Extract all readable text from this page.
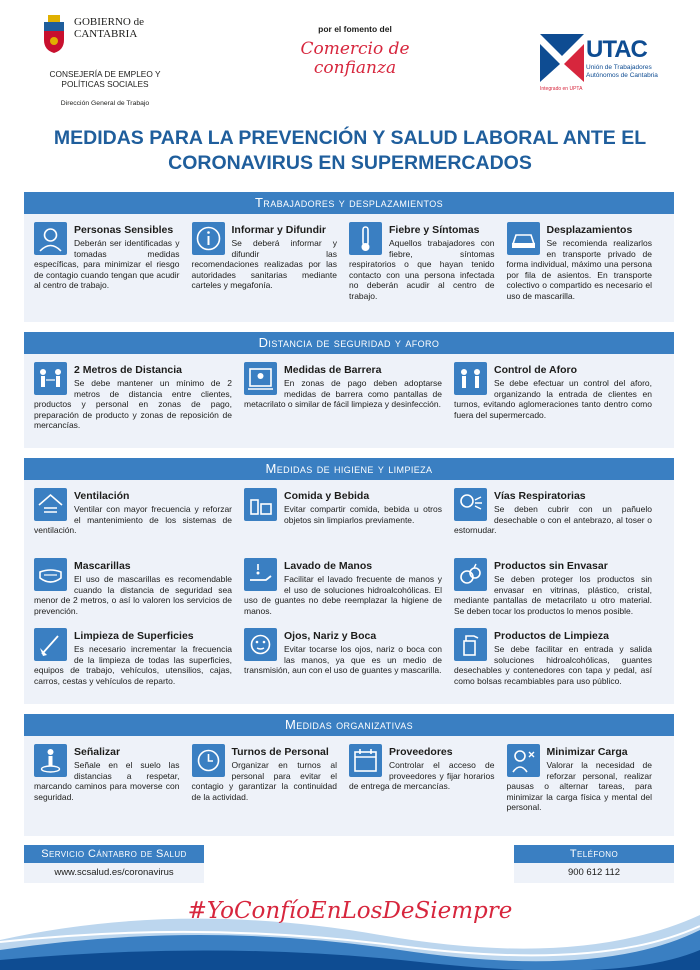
GOBIERNO de CANTABRIA
CONSEJERÍA DE EMPLEO Y POLÍTICAS SOCIALES
Dirección General de Trabajo
por el fomento del
Comercio de confianza
UTAC
Unión de Trabajadores Autónomos de Cantabria
Integrado en UPTA
MEDIDAS PARA LA PREVENCIÓN Y SALUD LABORAL ANTE EL CORONAVIRUS EN SUPERMERCADOS
Trabajadores y desplazamientos
Personas Sensibles
Deberán ser identificadas y tomadas medidas específicas, para minimizar el riesgo de contagio cuando tengan que acudir al centro de trabajo.
Informar y Difundir
Se deberá informar y difundir las recomendaciones realizadas por las autoridades sanitarias mediante carteles y megafonía.
Fiebre y Síntomas
Aquellos trabajadores con fiebre, síntomas respiratorios o que hayan tenido contacto con una persona infectada no deberán acudir al centro de trabajo.
Desplazamientos
Se recomienda realizarlos en transporte privado de forma individual, máximo una persona por fila de asientos. En transporte colectivo o compartido es necesario el uso de mascarilla.
Distancia de seguridad y aforo
2 Metros de Distancia
Se debe mantener un mínimo de 2 metros de distancia entre clientes, productos y personal en zonas de pago, preparación de producto y zonas de reposición de mercancías.
Medidas de Barrera
En zonas de pago deben adoptarse medidas de barrera como pantallas de metacrilato o similar de fácil limpieza y desinfección.
Control de Aforo
Se debe efectuar un control del aforo, organizando la entrada de clientes en turnos, evitando aglomeraciones tanto dentro como fuera del supermercado.
Medidas de higiene y limpieza
Ventilación
Ventilar con mayor frecuencia y reforzar el mantenimiento de los sistemas de ventilación.
Comida y Bebida
Evitar compartir comida, bebida u otros objetos sin limpiarlos previamente.
Vías Respiratorias
Se deben cubrir con un pañuelo desechable o con el antebrazo, al toser o estornudar.
Mascarillas
El uso de mascarillas es recomendable cuando la distancia de seguridad sea menor de 2 metros, o así lo valoren los servicios de prevención.
Lavado de Manos
Facilitar el lavado frecuente de manos y el uso de soluciones hidroalcohólicas. El uso de guantes no debe reemplazar la higiene de manos.
Productos sin Envasar
Se deben proteger los productos sin envasar en vitrinas, plástico, cristal, mediante pantallas de metacrilato u otro material. Se deben tocar los productos lo menos posible.
Limpieza de Superficies
Es necesario incrementar la frecuencia de la limpieza de todas las superficies, equipos de trabajo, vehículos, utensilios, cajas, carros, cestas y vehículos de reparto.
Ojos, Nariz y Boca
Evitar tocarse los ojos, nariz o boca con las manos, ya que es un medio de transmisión, aun con el uso de guantes y mascarilla.
Productos de Limpieza
Se debe facilitar en entrada y salida soluciones hidroalcohólicas, guantes desechables y contenedores con tapa y pedal, así como bolsas recambiables para uso público.
Medidas organizativas
Señalizar
Señale en el suelo las distancias a respetar, marcando caminos para moverse con seguridad.
Turnos de Personal
Organizar en turnos al personal para evitar el contagio y garantizar la continuidad de la actividad.
Proveedores
Controlar el acceso de proveedores y fijar horarios de entrega de mercancías.
Minimizar Carga
Valorar la necesidad de reforzar personal, realizar pausas o alternar tareas, para minimizar la carga física y mental del personal.
Servicio Cántabro de Salud
www.scsalud.es/coronavirus
Teléfono
900 612 112
#YoConfíoEnLosDeSiempre
